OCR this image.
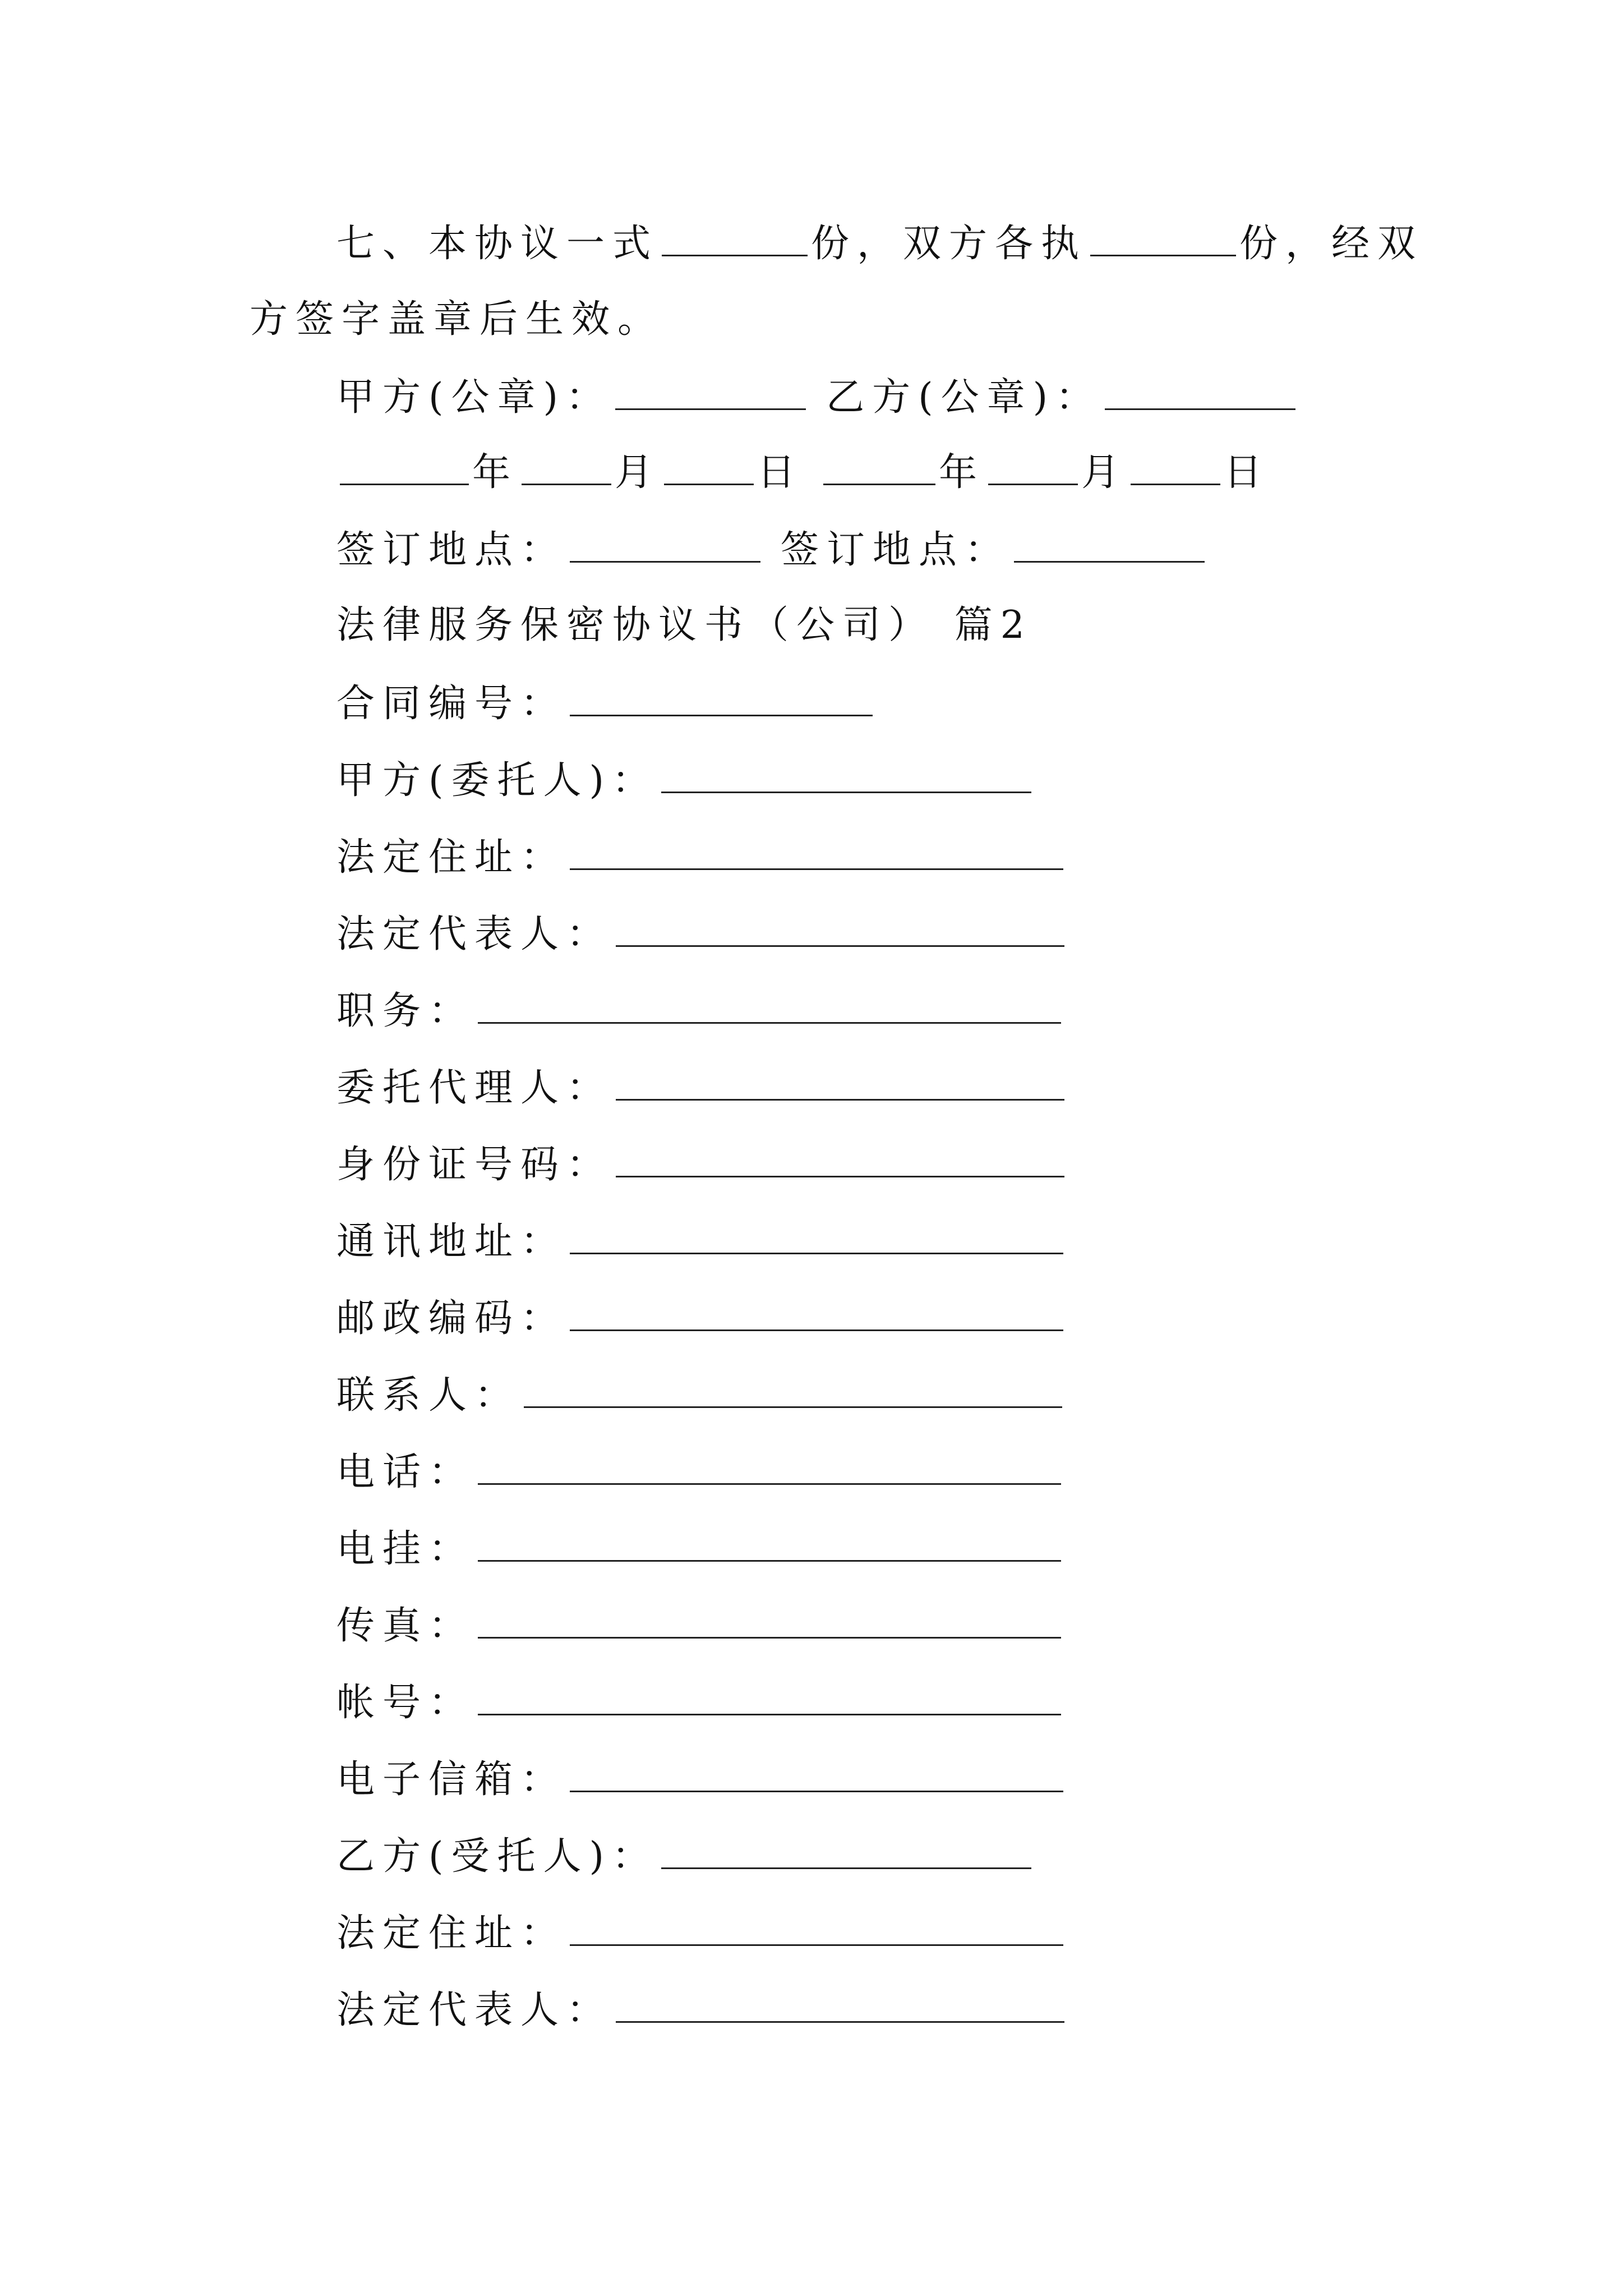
七、本协议一式	份，双方各执	份，经双
方签字盖章后生效。
甲方(公章)：	乙方(公章)：
年	月	日	年	月	日
签订地点：	签订地点：
法律服务保密协议书（公司） 篇2
合同编号：
甲方(委托人)：
法定住址：
法定代表人：
职务：
委托代理人：
身份证号码：
通讯地址：
邮政编码：
联系人：
电话：
电挂：
传真：
帐号：
电子信箱：
乙方(受托人)：
法定住址：
法定代表人：
